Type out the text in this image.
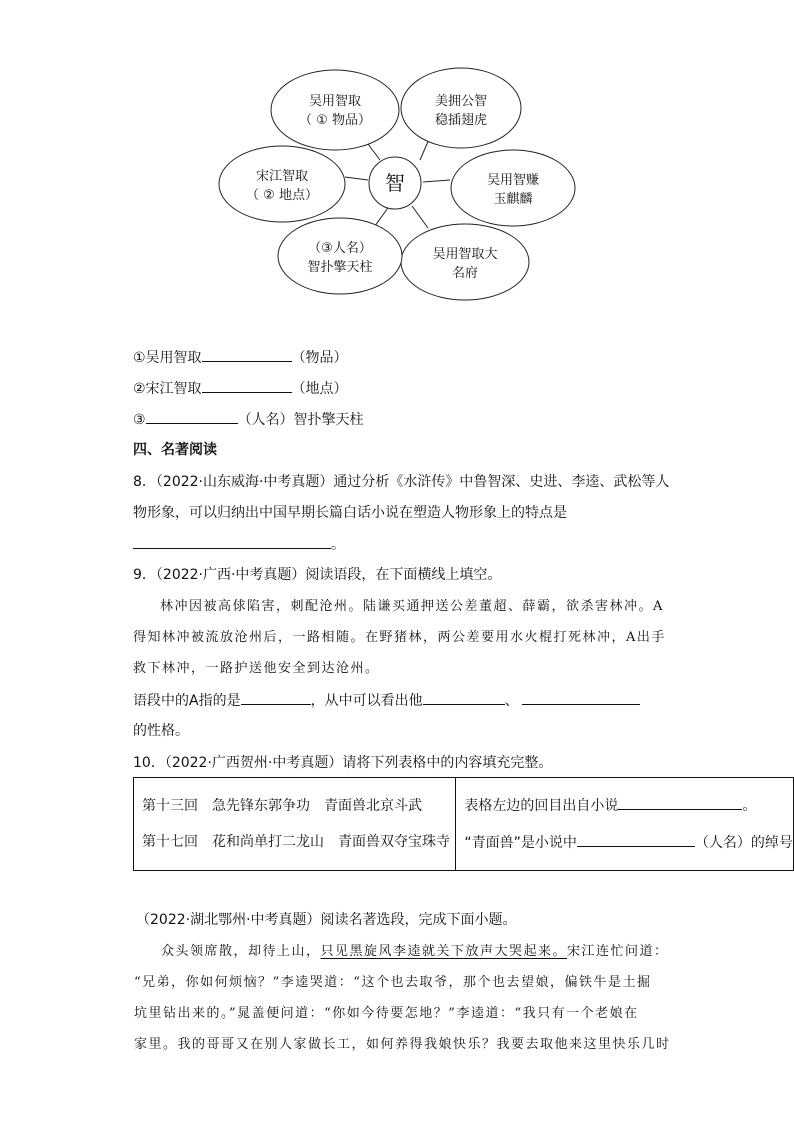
智
吴用智取
（ ① 物品）
美拥公智
稳插翅虎
吴用智赚
玉麒麟
吴用智取大
名府
（③人名）
智扑擎天柱
宋江智取
（ ② 地点）
①吴用智取	（物品）
②宋江智取	（地点）
③	（人名）智扑擎天柱
四、名著阅读
8．（2022·山东威海·中考真题）通过分析《水浒传》中鲁智深、史进、李逵、武松等人
物形象，可以归纳出中国早期长篇白话小说在塑造人物形象上的特点是
。
9．（2022·广西·中考真题）阅读语段，在下面横线上填空。
林冲因被高俅陷害，刺配沧州。陆谦买通押送公差董超、薛霸，欲杀害林冲。A
得知林冲被流放沧州后，一路相随。在野猪林，两公差要用水火棍打死林冲，A出手
救下林冲，一路护送他安全到达沧州。
语段中的A指的是	，从中可以看出他	、
的性格。
10．（2022·广西贺州·中考真题）请将下列表格中的内容填充完整。
第十三回　急先锋东郭争功　青面兽北京斗武
第十七回　花和尚单打二龙山　青面兽双夺宝珠寺

表格左边的回目出自小说	。
“青面兽”是小说中	（人名）的绰号
（2022·湖北鄂州·中考真题）阅读名著选段，完成下面小题。
众头领席散，却待上山，只见黑旋风李逵就关下放声大哭起来。宋江连忙问道：
“兄弟，你如何烦恼？”李逵哭道：“这个也去取爷，那个也去望娘，偏铁牛是土掘
坑里钻出来的。”晁盖便问道：“你如今待要怎地？”李逵道：“我只有一个老娘在
家里。我的哥哥又在别人家做长工，如何养得我娘快乐？我要去取他来这里快乐几时
